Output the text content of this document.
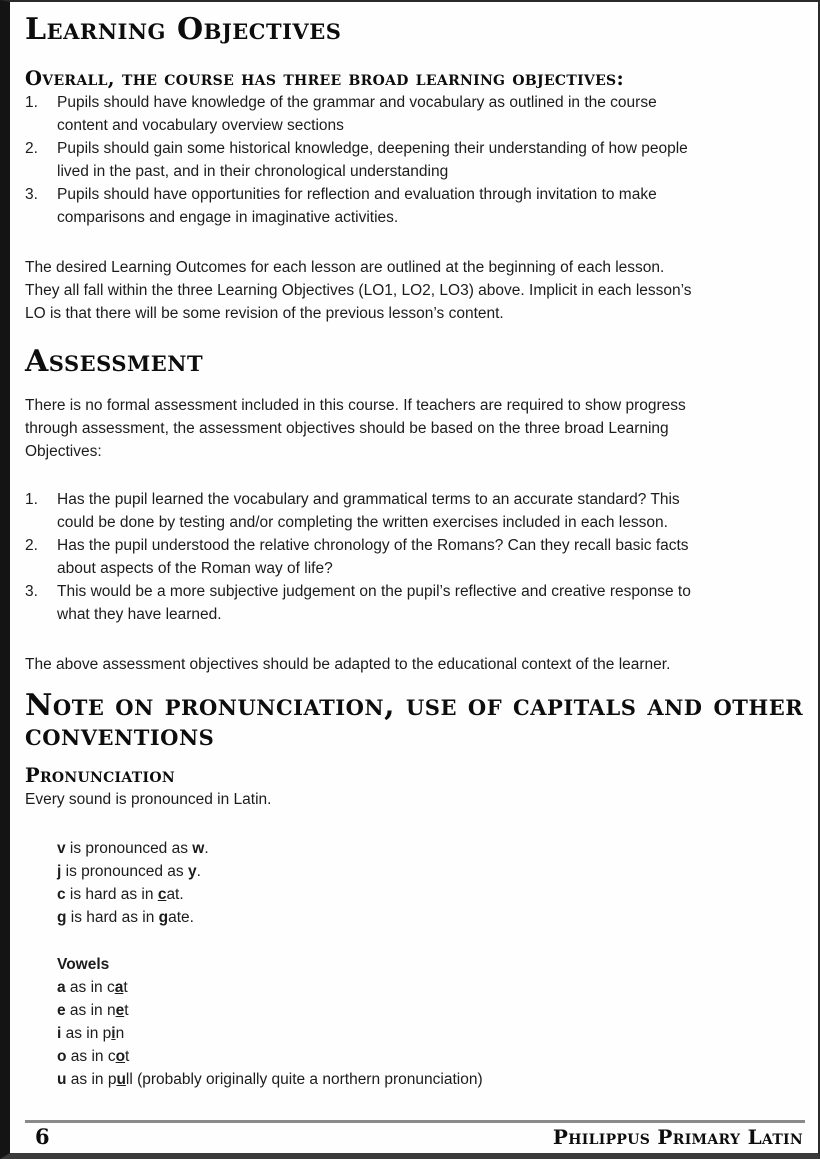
Learning Objectives
Overall, the course has three broad learning objectives:
1.	Pupils should have knowledge of the grammar and vocabulary as outlined in the course
content and vocabulary overview sections
2.	Pupils should gain some historical knowledge, deepening their understanding of how people
lived in the past, and in their chronological understanding
3.	Pupils should have opportunities for reflection and evaluation through invitation to make
comparisons and engage in imaginative activities.
The desired Learning Outcomes for each lesson are outlined at the beginning of each lesson.
They all fall within the three Learning Objectives (LO1, LO2, LO3) above. Implicit in each lesson’s
LO is that there will be some revision of the previous lesson’s content.
Assessment
There is no formal assessment included in this course. If teachers are required to show progress
through assessment, the assessment objectives should be based on the three broad Learning
Objectives:
1.	Has the pupil learned the vocabulary and grammatical terms to an accurate standard? This
could be done by testing and/or completing the written exercises included in each lesson.
2.	Has the pupil understood the relative chronology of the Romans? Can they recall basic facts
about aspects of the Roman way of life?
3.	This would be a more subjective judgement on the pupil’s reflective and creative response to
what they have learned.
The above assessment objectives should be adapted to the educational context of the learner.
Note on pronunciation, use of capitals and other
conventions
Pronunciation
Every sound is pronounced in Latin.
v is pronounced as w.
j is pronounced as y.
c is hard as in cat.
g is hard as in gate.
Vowels
a as in cat
e as in net
i as in pin
o as in cot
u as in pull (probably originally quite a northern pronunciation)
6	Philippus Primary Latin
